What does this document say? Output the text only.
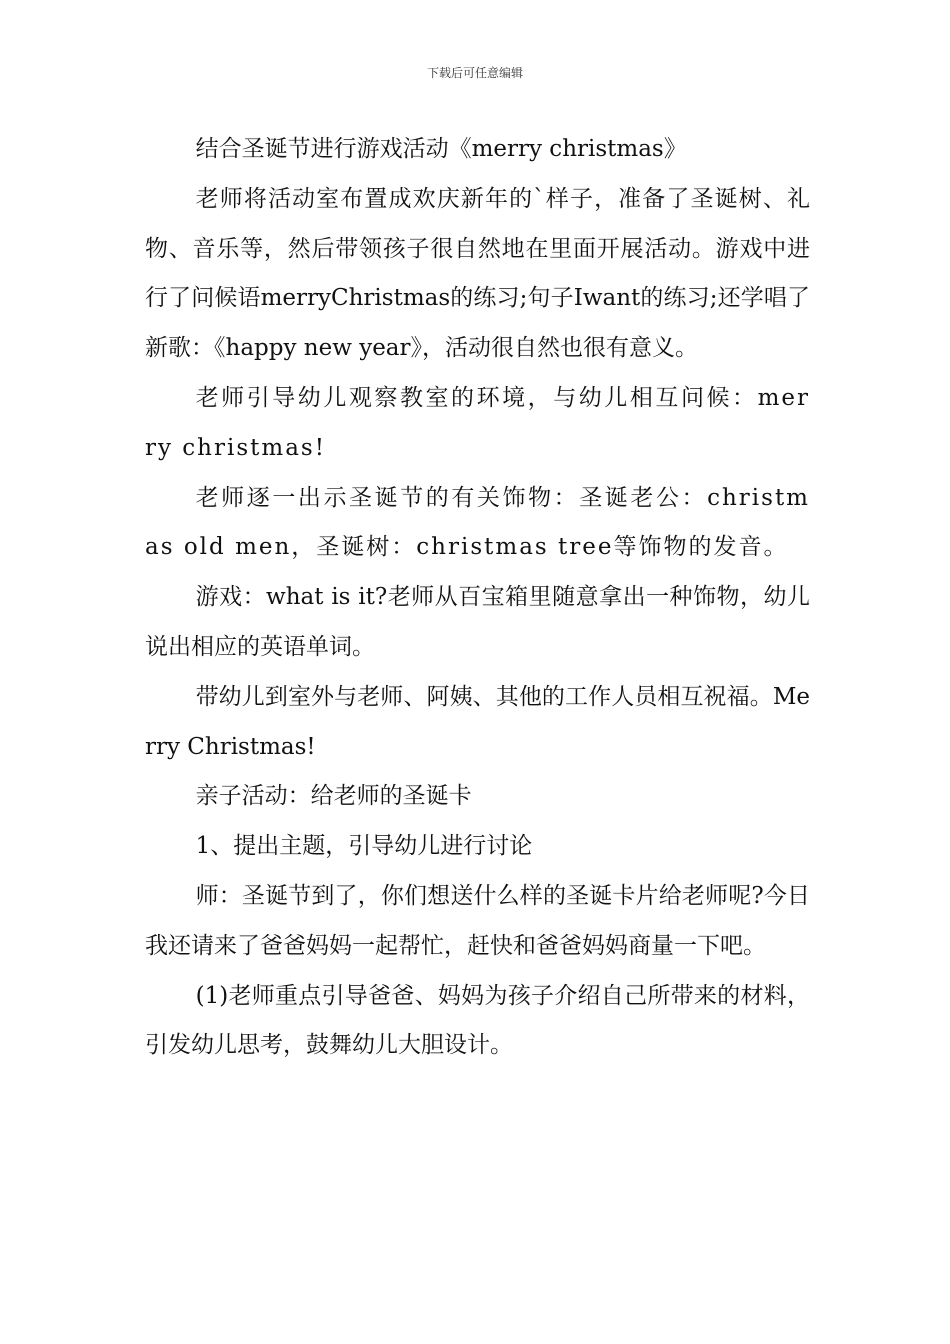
下载后可任意编辑

结合圣诞节进行游戏活动《merry christmas》

老师将活动室布置成欢庆新年的`样子，准备了圣诞树、礼物、音乐等，然后带领孩子很自然地在里面开展活动。游戏中进行了问候语merryChristmas的练习;句子Iwant的练习;还学唱了新歌：《happy new year》，活动很自然也很有意义。

老师引导幼儿观察教室的环境，与幼儿相互问候：merry christmas!

老师逐一出示圣诞节的有关饰物：圣诞老公：christmas old men，圣诞树：christmas tree等饰物的发音。

游戏：what is it?老师从百宝箱里随意拿出一种饰物，幼儿说出相应的英语单词。

带幼儿到室外与老师、阿姨、其他的工作人员相互祝福。Merry Christmas!

亲子活动：给老师的圣诞卡

1、提出主题，引导幼儿进行讨论

师：圣诞节到了，你们想送什么样的圣诞卡片给老师呢?今日我还请来了爸爸妈妈一起帮忙，赶快和爸爸妈妈商量一下吧。

(1)老师重点引导爸爸、妈妈为孩子介绍自己所带来的材料，引发幼儿思考，鼓舞幼儿大胆设计。
